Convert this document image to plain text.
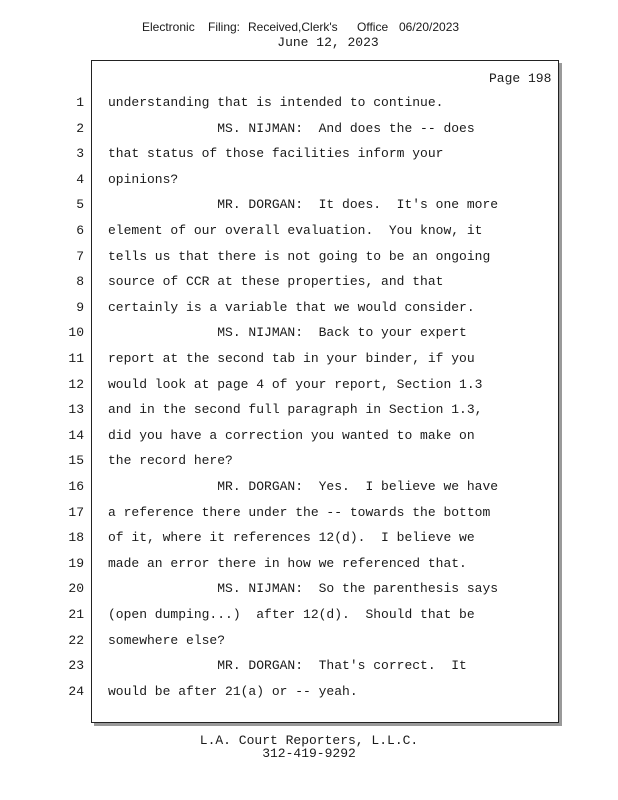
Electronic Filing: Received,Clerk's Office 06/20/2023
June 12, 2023
Page 198
1 understanding that is intended to continue.
2 MS. NIJMAN:  And does the -- does
3 that status of those facilities inform your
4 opinions?
5 MR. DORGAN:  It does.  It's one more
6 element of our overall evaluation.  You know, it
7 tells us that there is not going to be an ongoing
8 source of CCR at these properties, and that
9 certainly is a variable that we would consider.
10 MS. NIJMAN:  Back to your expert
11 report at the second tab in your binder, if you
12 would look at page 4 of your report, Section 1.3
13 and in the second full paragraph in Section 1.3,
14 did you have a correction you wanted to make on
15 the record here?
16 MR. DORGAN:  Yes.  I believe we have
17 a reference there under the -- towards the bottom
18 of it, where it references 12(d).  I believe we
19 made an error there in how we referenced that.
20 MS. NIJMAN:  So the parenthesis says
21 (open dumping...)  after 12(d).  Should that be
22 somewhere else?
23 MR. DORGAN:  That's correct.  It
24 would be after 21(a) or -- yeah.
L.A. Court Reporters, L.L.C.
312-419-9292
